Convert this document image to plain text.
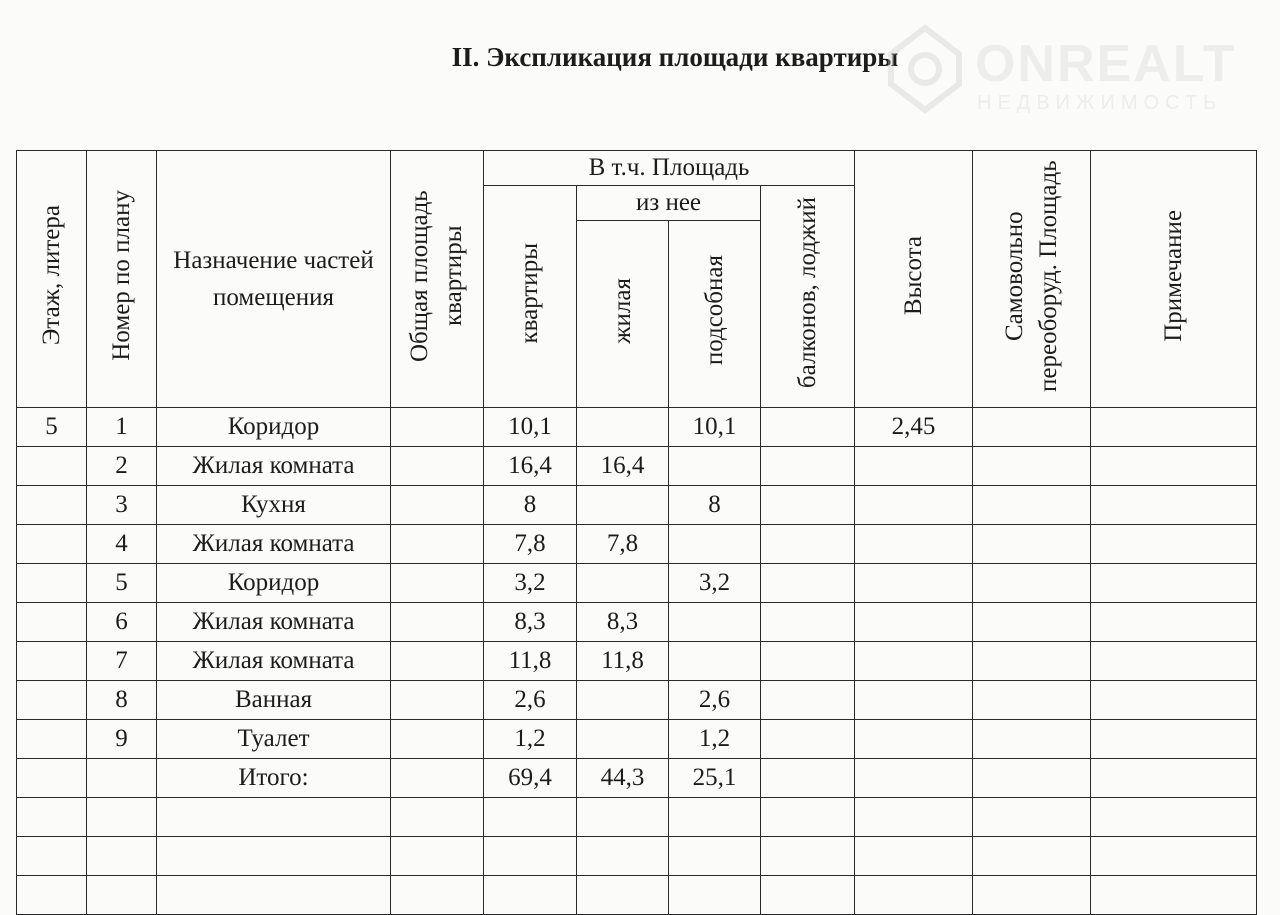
II. Экспликация площади квартиры	ONREALT
НЕДВИЖИМОСТЬ
Этаж, литера	Номер по плану	Назначение частей помещения	Общая площадь квартиры	В т.ч. Площадь				Высота	Самовольно переоборуд. Площадь	Примечание
				квартиры	из нее		балконов, лоджий			
					жилая	подсобная				
5	1	Коридор		10,1		10,1		2,45		
	2	Жилая комната		16,4	16,4					
	3	Кухня		8		8				
	4	Жилая комната		7,8	7,8					
	5	Коридор		3,2		3,2				
	6	Жилая комната		8,3	8,3					
	7	Жилая комната		11,8	11,8					
	8	Ванная		2,6		2,6				
	9	Туалет		1,2		1,2				
		Итого:		69,4	44,3	25,1				
